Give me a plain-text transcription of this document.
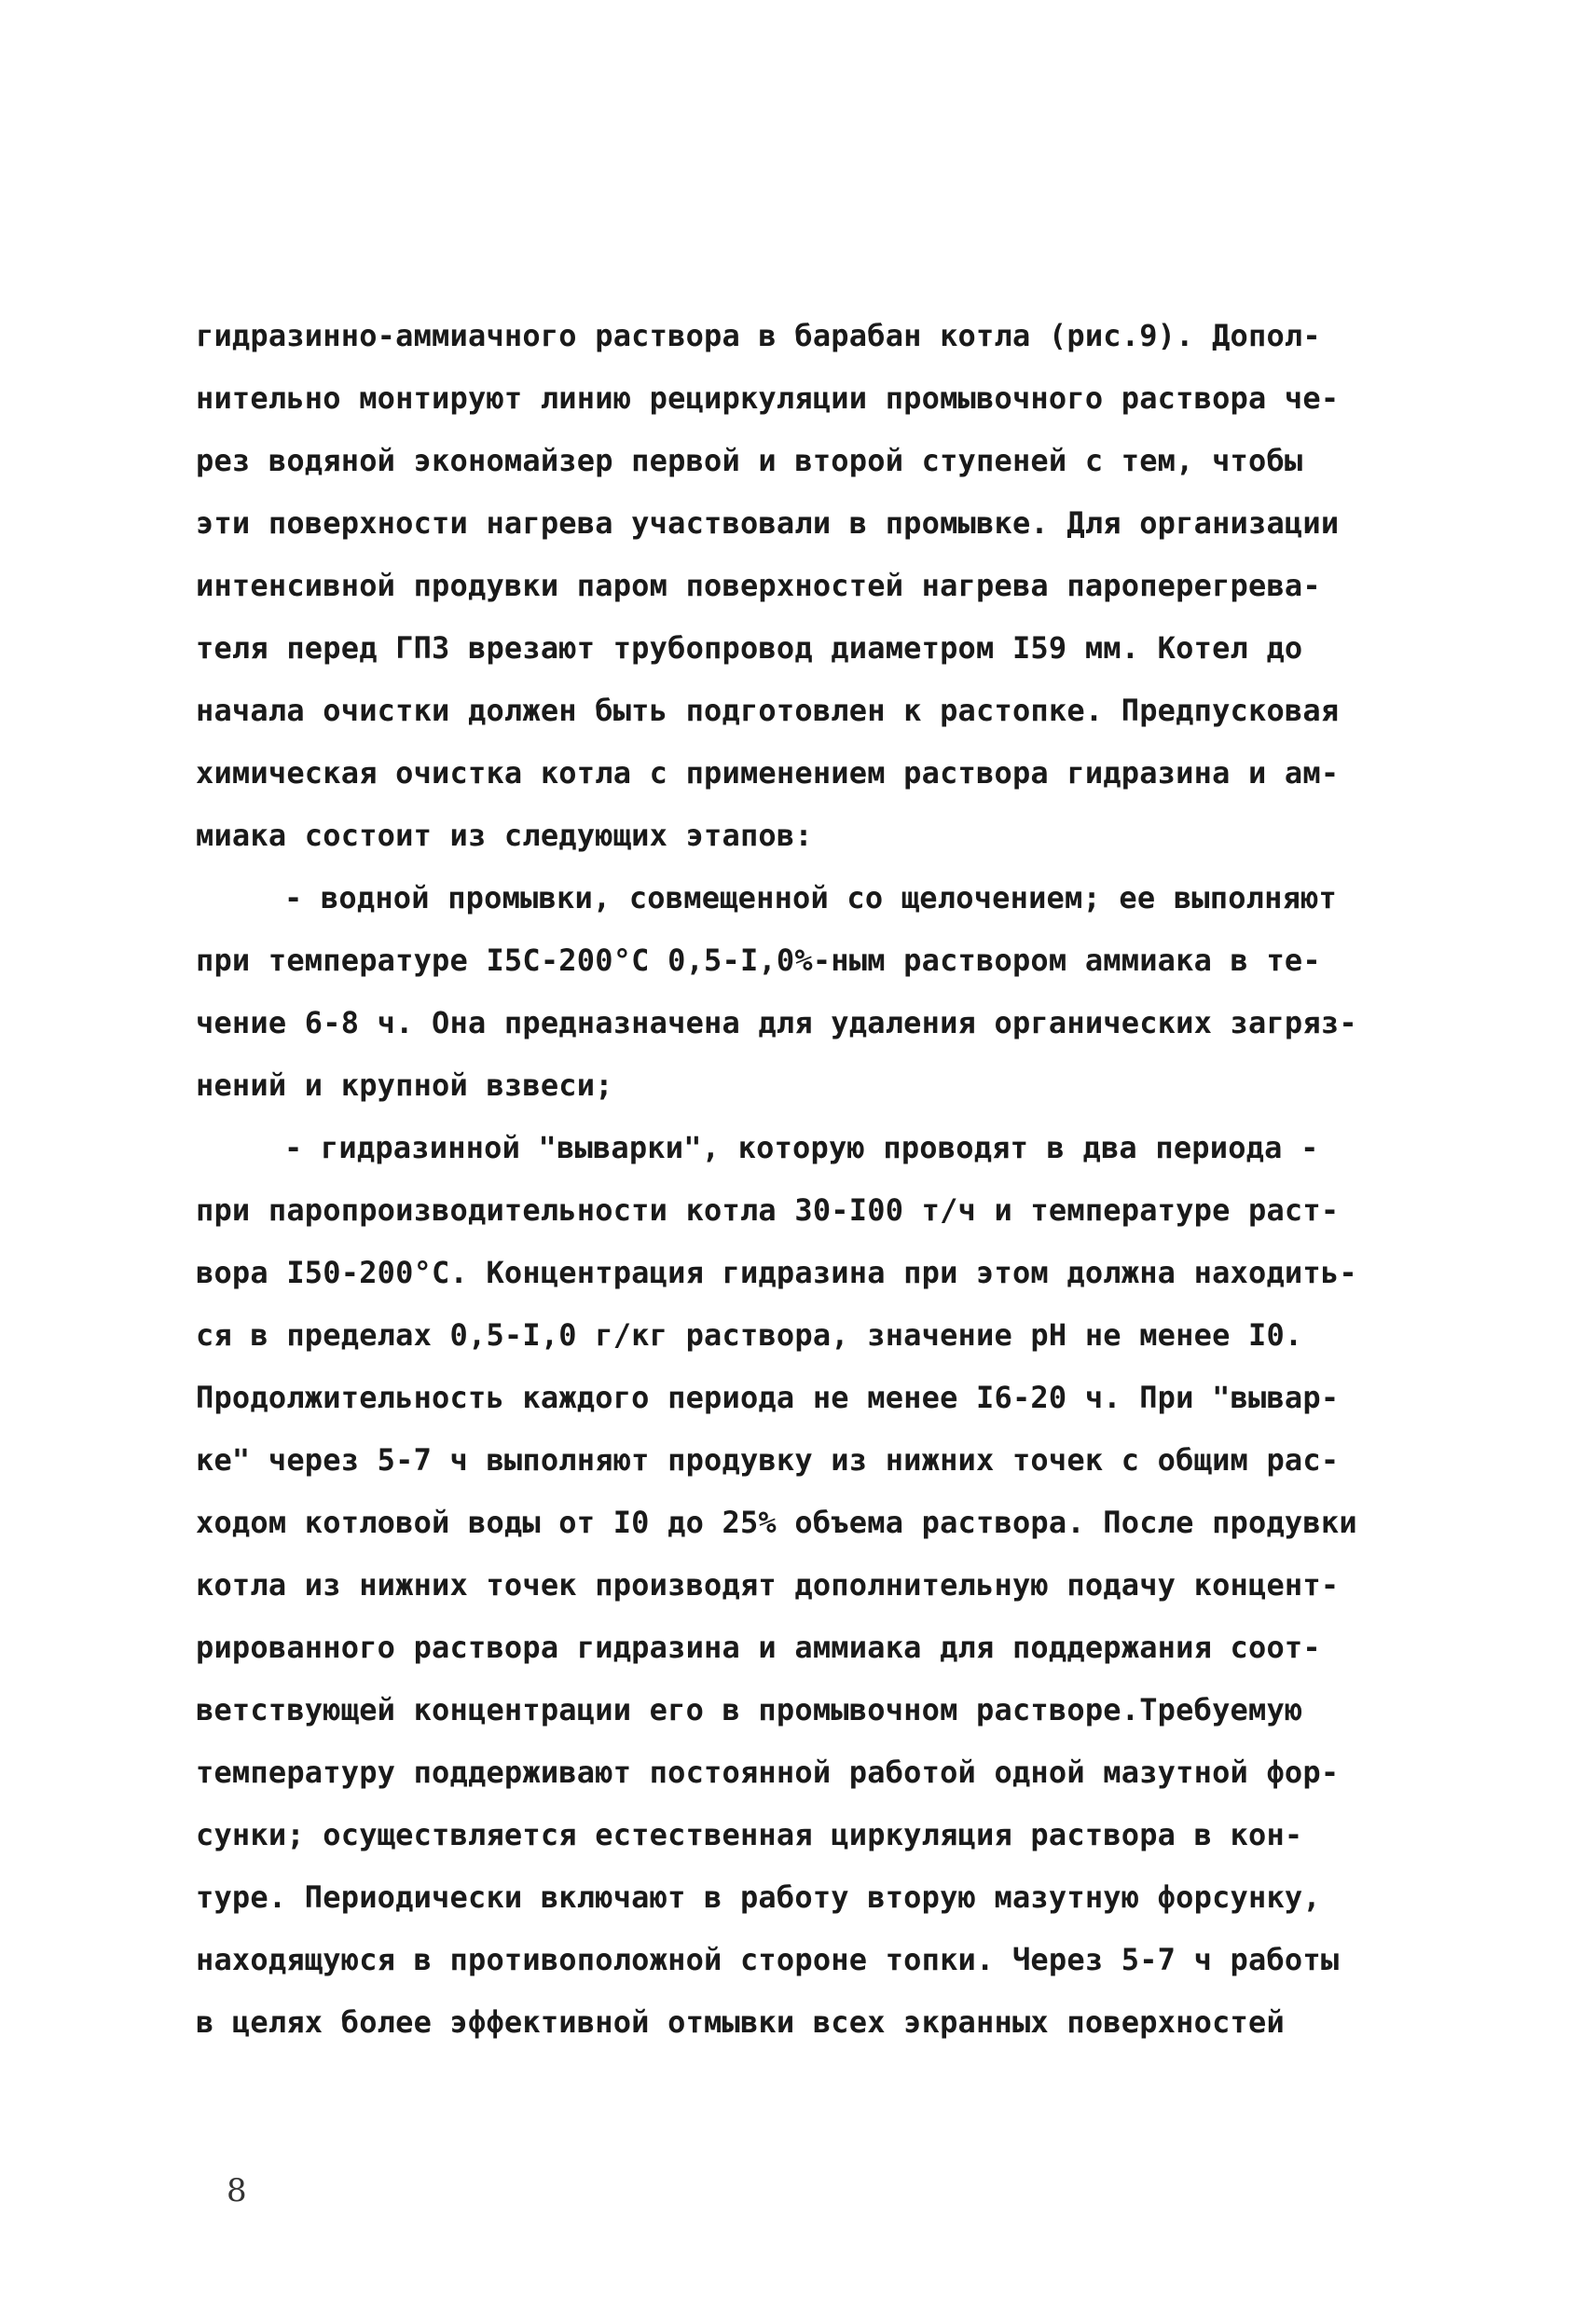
гидразинно-аммиачного раствора в барабан котла (рис.9). Допол-
нительно монтируют линию рециркуляции промывочного раствора че-
рез водяной экономайзер первой и второй ступеней с тем, чтобы
эти поверхности нагрева участвовали в промывке. Для организации
интенсивной продувки паром поверхностей нагрева пароперегрева-
теля перед ГПЗ врезают трубопровод диаметром I59 мм. Котел до
начала очистки должен быть подготовлен к растопке. Предпусковая
химическая очистка котла с применением раствора гидразина и ам-
миака состоит из следующих этапов:
- водной промывки, совмещенной со щелочением; ее выполняют
при температуре I5С-200°С 0,5-I,0%-ным раствором аммиака в те-
чение 6-8 ч. Она предназначена для удаления органических загряз-
нений и крупной взвеси;
- гидразинной "выварки", которую проводят в два периода -
при паропроизводительности котла 30-I00 т/ч и температуре раст-
вора I50-200°С. Концентрация гидразина при этом должна находить-
ся в пределах 0,5-I,0 г/кг раствора, значение pH не менее I0.
Продолжительность каждого периода не менее I6-20 ч. При "вывар-
ке" через 5-7 ч выполняют продувку из нижних точек с общим рас-
ходом котловой воды от I0 до 25% объема раствора. После продувки
котла из нижних точек производят дополнительную подачу концент-
рированного раствора гидразина и аммиака для поддержания соот-
ветствующей концентрации его в промывочном растворе.Требуемую
температуру поддерживают постоянной работой одной мазутной фор-
сунки; осуществляется естественная циркуляция раствора в кон-
туре. Периодически включают в работу вторую мазутную форсунку,
находящуюся в противоположной стороне топки. Через 5-7 ч работы
в целях более эффективной отмывки всех экранных поверхностей
8
